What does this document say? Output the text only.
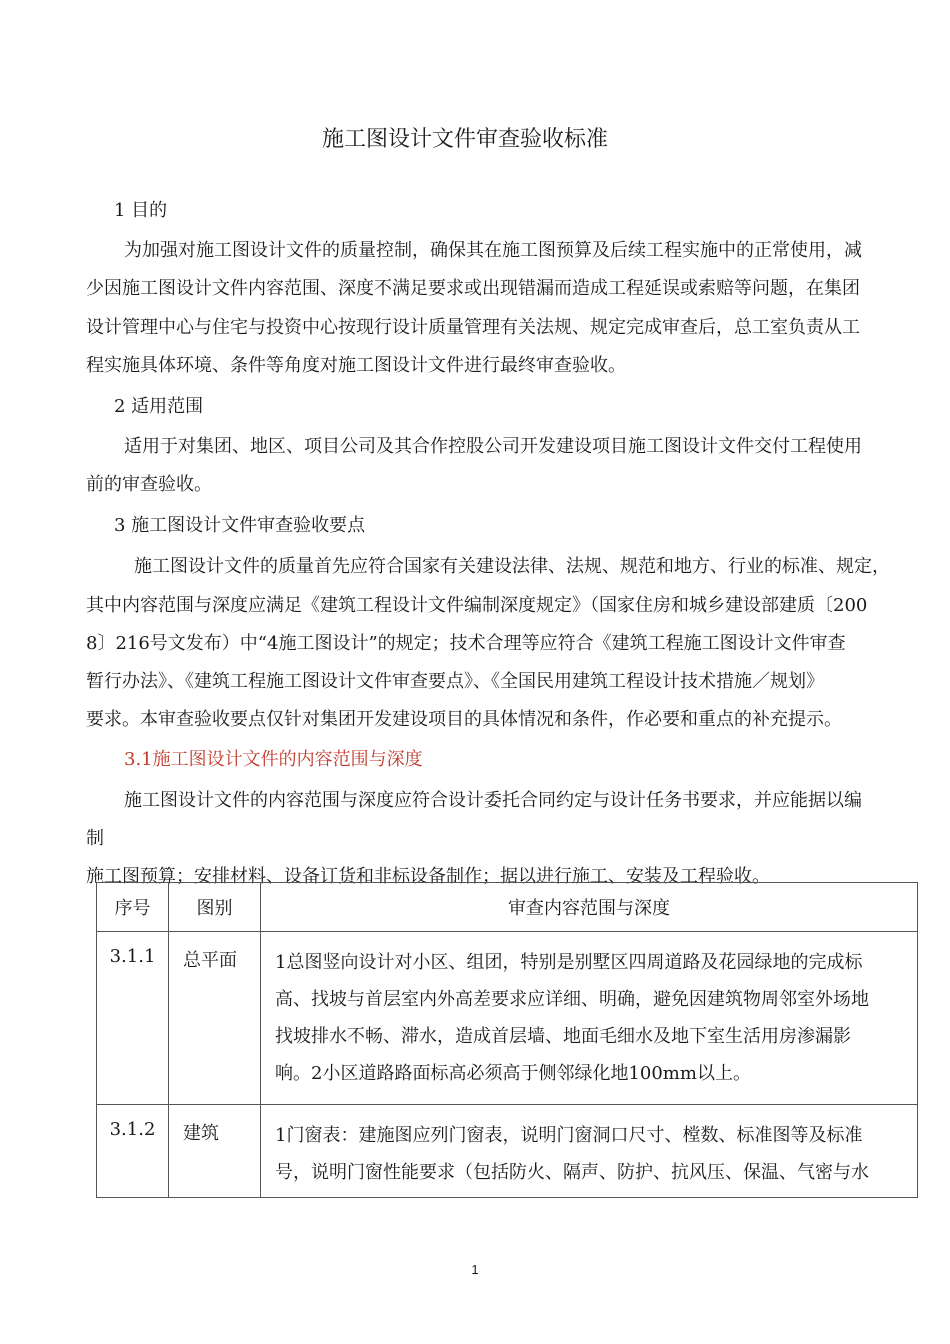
施工图设计文件审查验收标准
1 目的
为加强对施工图设计文件的质量控制，确保其在施工图预算及后续工程实施中的正常使用，减
少因施工图设计文件内容范围、深度不满足要求或出现错漏而造成工程延误或索赔等问题，在集团
设计管理中心与住宅与投资中心按现行设计质量管理有关法规、规定完成审查后，总工室负责从工
程实施具体环境、条件等角度对施工图设计文件进行最终审查验收。
2 适用范围
适用于对集团、地区、项目公司及其合作控股公司开发建设项目施工图设计文件交付工程使用
前的审查验收。
3 施工图设计文件审查验收要点
施工图设计文件的质量首先应符合国家有关建设法律、法规、规范和地方、行业的标准、规定，
其中内容范围与深度应满足《建筑工程设计文件编制深度规定》（国家住房和城乡建设部建质〔200
8〕216号文发布）中“4施工图设计”的规定；技术合理等应符合《建筑工程施工图设计文件审查
暂行办法》、《建筑工程施工图设计文件审查要点》、《全国民用建筑工程设计技术措施／规划》
要求。本审查验收要点仅针对集团开发建设项目的具体情况和条件，作必要和重点的补充提示。
3.1施工图设计文件的内容范围与深度
施工图设计文件的内容范围与深度应符合设计委托合同约定与设计任务书要求，并应能据以编
制
施工图预算；安排材料、设备订货和非标设备制作；据以进行施工、安装及工程验收。
序号	图别	审查内容范围与深度
3.1.1	总平面	1总图竖向设计对小区、组团，特别是别墅区四周道路及花园绿地的完成标
高、找坡与首层室内外高差要求应详细、明确，避免因建筑物周邻室外场地
找坡排水不畅、滞水，造成首层墙、地面毛细水及地下室生活用房渗漏影
响。2小区道路路面标高必须高于侧邻绿化地100mm以上。

3.1.2	建筑	1门窗表：建施图应列门窗表，说明门窗洞口尺寸、樘数、标准图等及标准
号，说明门窗性能要求（包括防火、隔声、防护、抗风压、保温、气密与水
1
